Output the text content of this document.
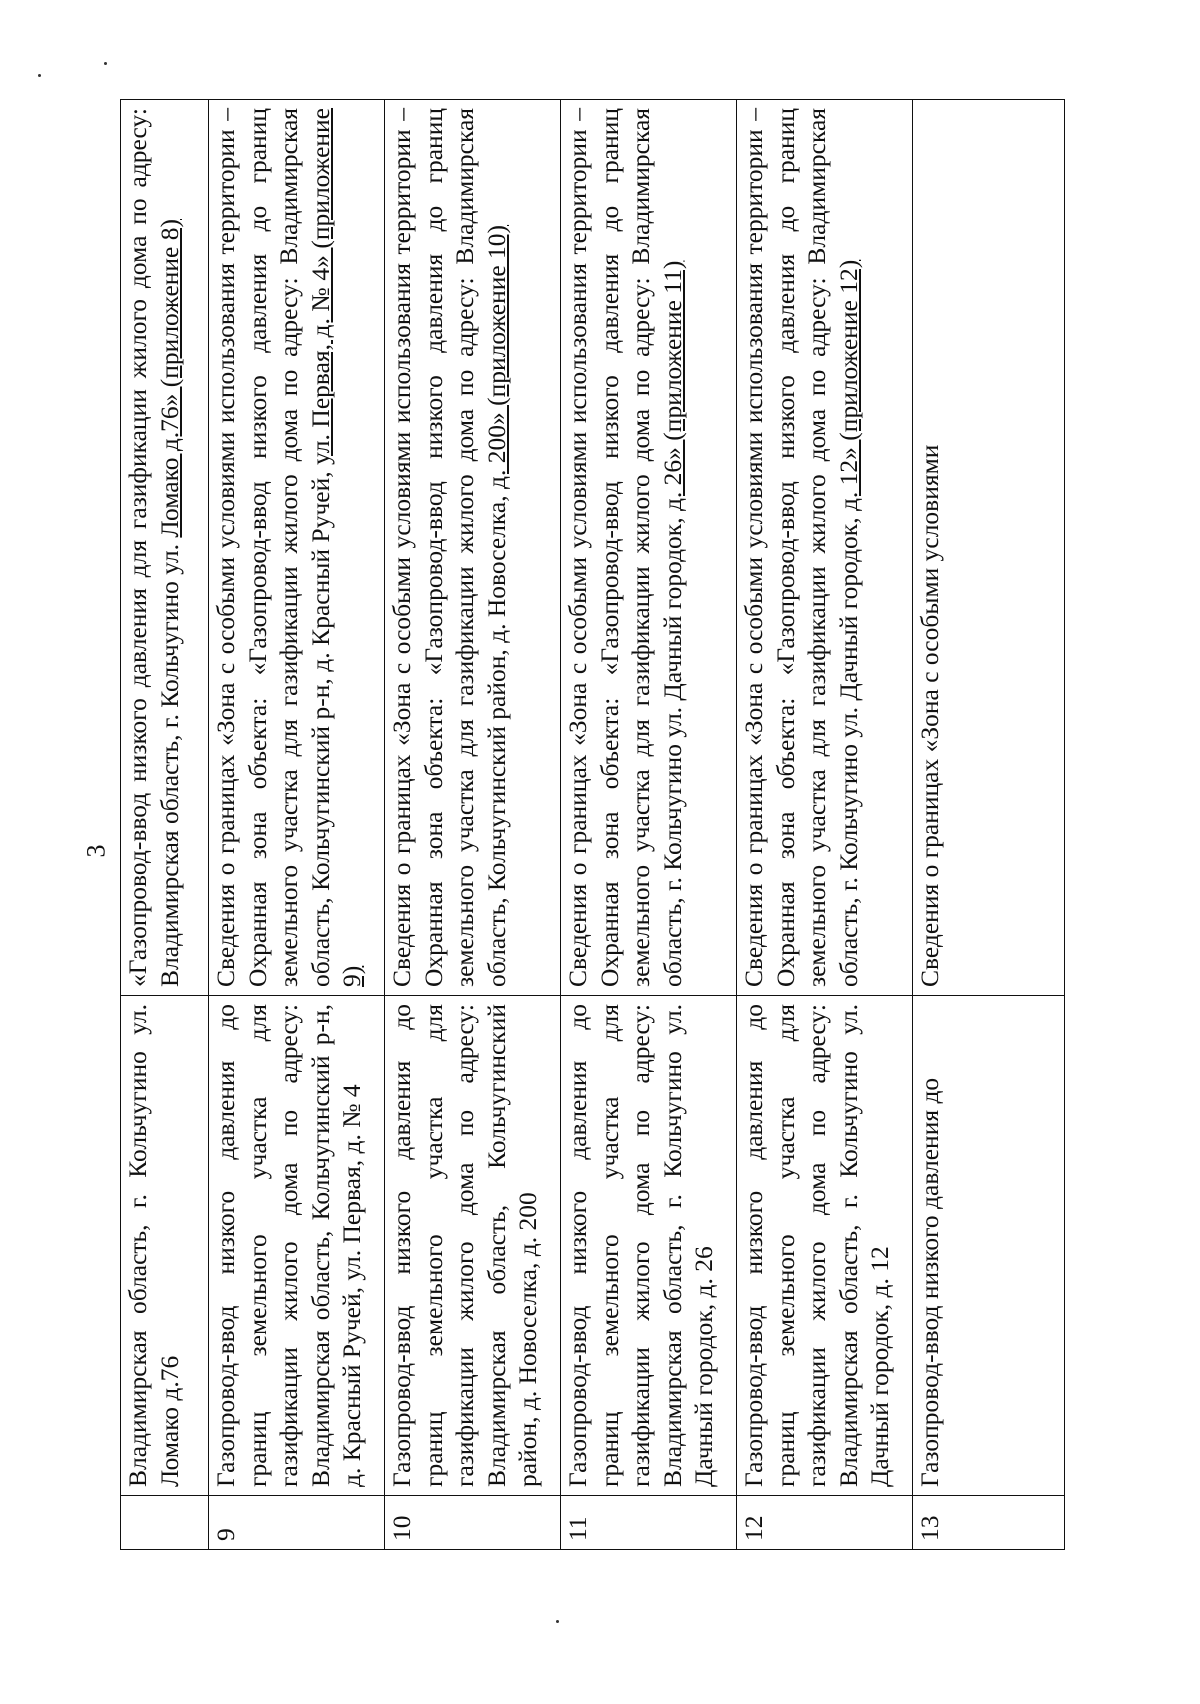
3
	Владимирская область, г. Кольчугино ул. Ломако д.76	«Газопровод-ввод низкого давления для газификации жилого дома по адресу: Владимирская область, г. Кольчугино ул. Ломако д.76» (приложение 8)
9	Газопровод-ввод низкого давления до границ земельного участка для газификации жилого дома по адресу: Владимирская область, Кольчугинский р-н, д. Красный Ручей, ул. Первая, д. № 4	Сведения о границах «Зона с особыми условиями использования территории – Охранная зона объекта: «Газопровод-ввод низкого давления до границ земельного участка для газификации жилого дома по адресу: Владимирская область, Кольчугинский р-н, д. Красный Ручей, ул. Первая, д. № 4» (приложение 9)
10	Газопровод-ввод низкого давления до границ земельного участка для газификации жилого дома по адресу: Владимирская область, Кольчугинский район, д. Новоселка, д. 200	Сведения о границах «Зона с особыми условиями использования территории – Охранная зона объекта: «Газопровод-ввод низкого давления до границ земельного участка для газификации жилого дома по адресу: Владимирская область, Кольчугинский район, д. Новоселка, д. 200» (приложение 10)
11	Газопровод-ввод низкого давления до границ земельного участка для газификации жилого дома по адресу: Владимирская область, г. Кольчугино ул. Дачный городок, д. 26	Сведения о границах «Зона с особыми условиями использования территории – Охранная зона объекта: «Газопровод-ввод низкого давления до границ земельного участка для газификации жилого дома по адресу: Владимирская область, г. Кольчугино ул. Дачный городок, д. 26» (приложение 11)
12	Газопровод-ввод низкого давления до границ земельного участка для газификации жилого дома по адресу: Владимирская область, г. Кольчугино ул. Дачный городок, д. 12	Сведения о границах «Зона с особыми условиями использования территории – Охранная зона объекта: «Газопровод-ввод низкого давления до границ земельного участка для газификации жилого дома по адресу: Владимирская область, г. Кольчугино ул. Дачный городок, д. 12» (приложение 12)
13	Газопровод-ввод низкого давления до	Сведения о границах «Зона с особыми условиями
